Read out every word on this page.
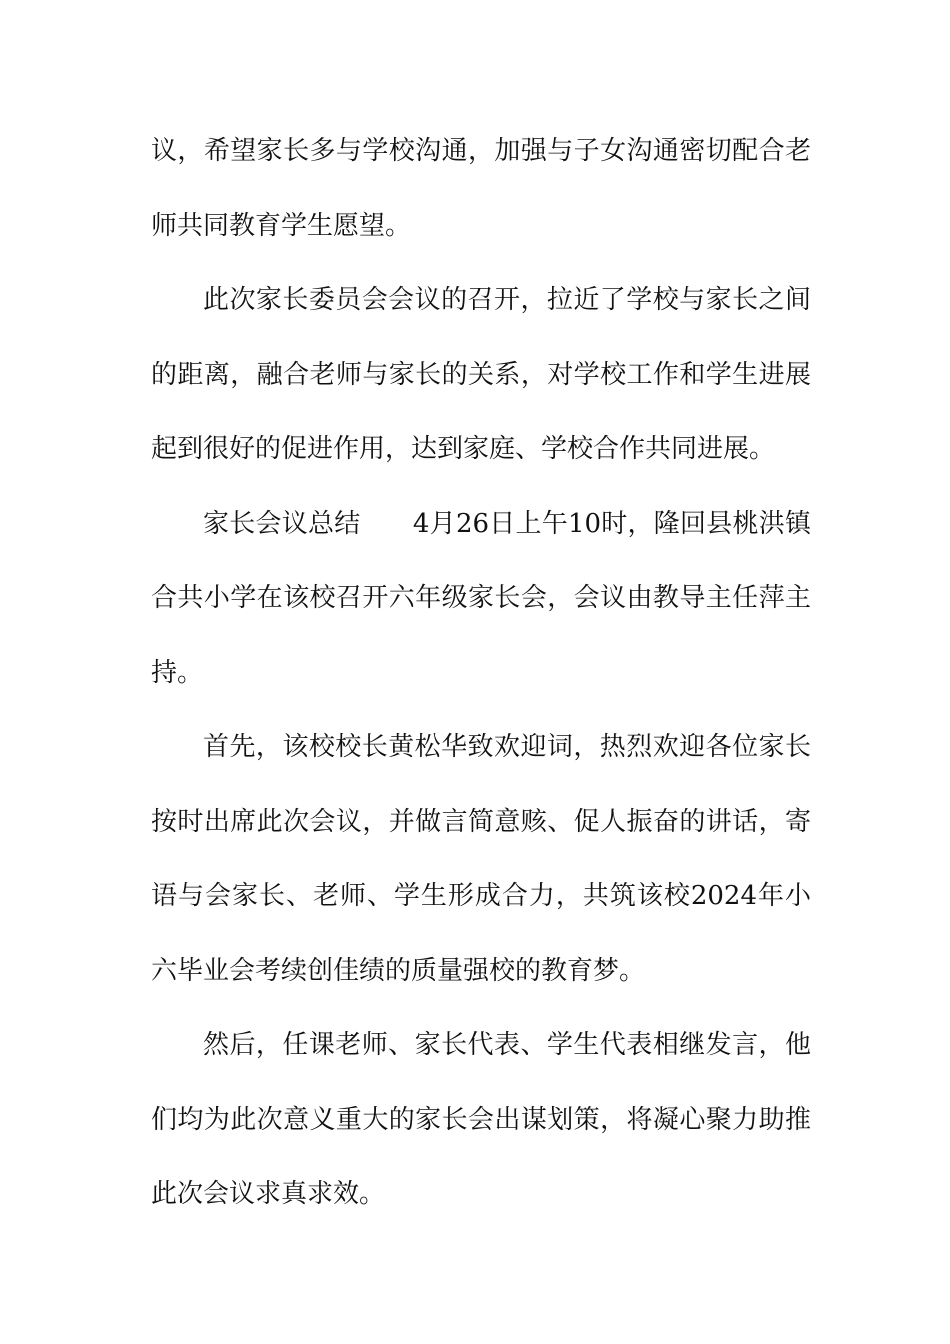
议，希望家长多与学校沟通，加强与子女沟通密切配合老师共同教育学生愿望。

此次家长委员会会议的召开，拉近了学校与家长之间的距离，融合老师与家长的关系，对学校工作和学生进展起到很好的促进作用，达到家庭、学校合作共同进展。

家长会议总结　　4月26日上午10时，隆回县桃洪镇合共小学在该校召开六年级家长会，会议由教导主任萍主持。

首先，该校校长黄松华致欢迎词，热烈欢迎各位家长按时出席此次会议，并做言简意赅、促人振奋的讲话，寄语与会家长、老师、学生形成合力，共筑该校2024年小六毕业会考续创佳绩的质量强校的教育梦。

然后，任课老师、家长代表、学生代表相继发言，他们均为此次意义重大的家长会出谋划策，将凝心聚力助推此次会议求真求效。
